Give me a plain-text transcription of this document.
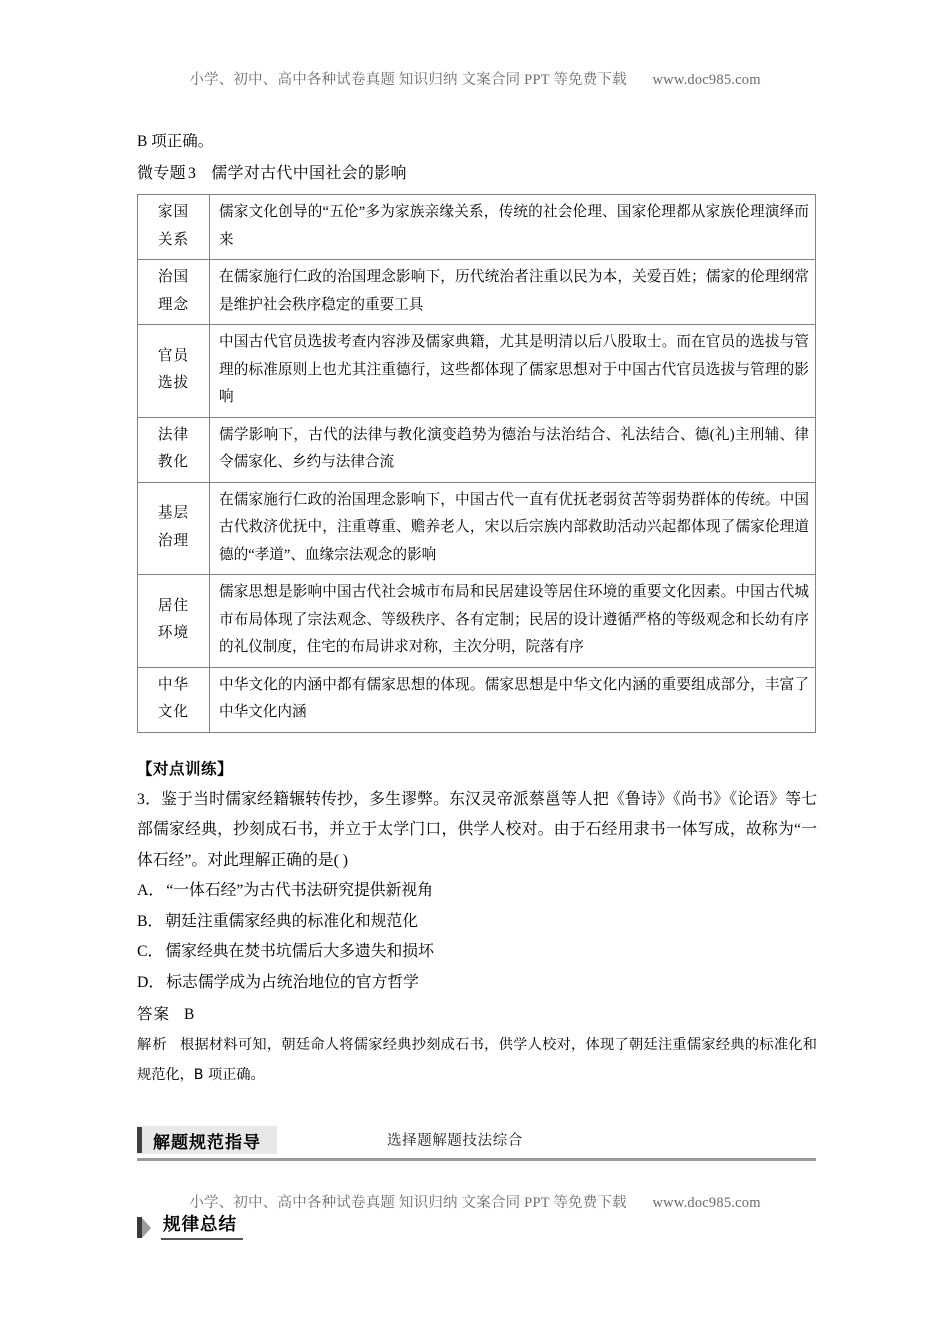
小学、初中、高中各种试卷真题 知识归纳 文案合同 PPT 等免费下载 www.doc985.com

B 项正确。

微专题 3 儒学对古代中国社会的影响

家国
关系	儒家文化创导的“五伦”多为家族亲缘关系，传统的社会伦理、国家伦理都从家族伦理演绎而来

治国
理念	在儒家施行仁政的治国理念影响下，历代统治者注重以民为本，关爱百姓；儒家的伦理纲常是维护社会秩序稳定的重要工具

官员
选拔	中国古代官员选拔考查内容涉及儒家典籍，尤其是明清以后八股取士。而在官员的选拔与管理的标准原则上也尤其注重德行，这些都体现了儒家思想对于中国古代官员选拔与管理的影响

法律
教化	儒学影响下，古代的法律与教化演变趋势为德治与法治结合、礼法结合、德(礼)主刑辅、律令儒家化、乡约与法律合流

基层
治理	在儒家施行仁政的治国理念影响下，中国古代一直有优抚老弱贫苦等弱势群体的传统。中国古代救济优抚中，注重尊重、赡养老人，宋以后宗族内部救助活动兴起都体现了儒家伦理道德的“孝道”、血缘宗法观念的影响

居住
环境	儒家思想是影响中国古代社会城市布局和民居建设等居住环境的重要文化因素。中国古代城市布局体现了宗法观念、等级秩序、各有定制；民居的设计遵循严格的等级观念和长幼有序的礼仪制度，住宅的布局讲求对称，主次分明，院落有序

中华
文化	中华文化的内涵中都有儒家思想的体现。儒家思想是中华文化内涵的重要组成部分，丰富了中华文化内涵

【对点训练】

3．鉴于当时儒家经籍辗转传抄，多生谬弊。东汉灵帝派蔡邕等人把《鲁诗》《尚书》《论语》等七部儒家经典，抄刻成石书，并立于太学门口，供学人校对。由于石经用隶书一体写成，故称为“一体石经”。对此理解正确的是( )

A． “一体石经”为古代书法研究提供新视角

B． 朝廷注重儒家经典的标准化和规范化

C． 儒家经典在焚书坑儒后大多遗失和损坏

D． 标志儒学成为占统治地位的官方哲学

答案 B

解析 根据材料可知，朝廷命人将儒家经典抄刻成石书，供学人校对，体现了朝廷注重儒家经典的标准化和规范化，B 项正确。

解题规范指导	选择题解题技法综合
规律总结
小学、初中、高中各种试卷真题 知识归纳 文案合同 PPT 等免费下载 www.doc985.com
